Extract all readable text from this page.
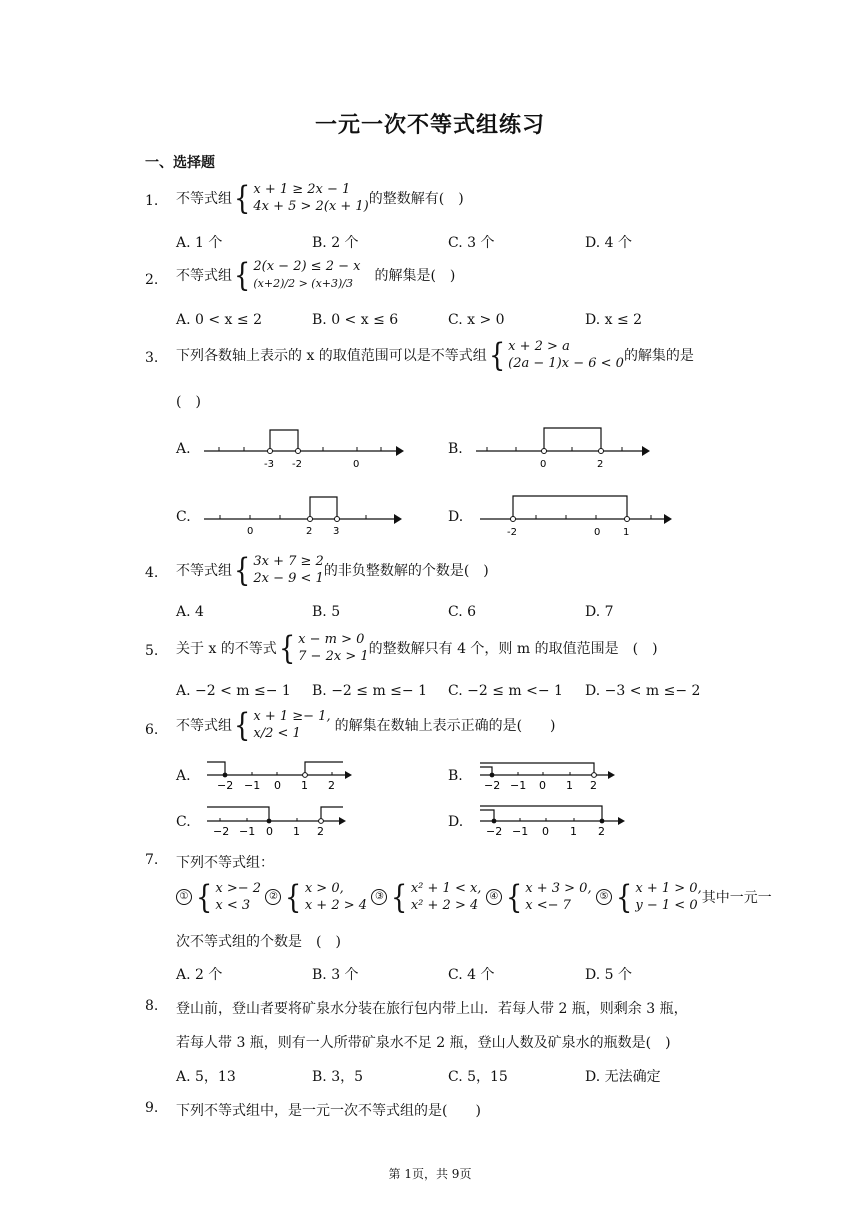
一元一次不等式组练习
一、选择题
1. 不等式组 { x + 1 ≥ 2x − 1
4x + 5 > 2(x + 1) 的整数解有(　)
A. 1 个	B. 2 个	C. 3 个	D. 4 个
2. 不等式组 { 2(x − 2) ≤ 2 − x
(x+2)/2 > (x+3)/3	的解集是(　)
A. 0 < x ≤ 2	B. 0 < x ≤ 6	C. x > 0	D. x ≤ 2
3. 下列各数轴上表示的 x 的取值范围可以是不等式组 { x + 2 > a
(2a − 1)x − 6 < 0 的解集的是
(　)
A.	B.
C.	D.
-3 -2	0	0	2
0	2 3	-2	0 1
4. 不等式组 { 3x + 7 ≥ 2
2x − 9 < 1 的非负整数解的个数是(　)
A. 4	B. 5	C. 6	D. 7
5. 关于 x 的不等式 { x − m > 0
7 − 2x > 1 的整数解只有 4 个，则 m 的取值范围是　(　)
A. −2 < m ≤− 1 B. −2 ≤ m ≤− 1 C. −2 ≤ m <− 1 D. −3 < m ≤− 2
6. 不等式组 { x + 1 ≥− 1,
x/2 < 1	的解集在数轴上表示正确的是(　　)
A.	B.
C.	D.
−2 −1 0 1 2	−2 −1 0 1 2
−2 −1 0 1 2	−2 −1 0 1 2
7. 下列不等式组：
① { x >− 2
x < 3
② { x > 0,
x + 2 > 4
③ { x² + 1 < x,
x² + 2 > 4
④ { x + 3 > 0,
x <− 7
⑤ { x + 1 > 0,
y − 1 < 0 其中一元一
次不等式组的个数是　(　)
A. 2 个	B. 3 个	C. 4 个	D. 5 个
8. 登山前，登山者要将矿泉水分装在旅行包内带上山．若每人带 2 瓶，则剩余 3 瓶，
若每人带 3 瓶，则有一人所带矿泉水不足 2 瓶，登山人数及矿泉水的瓶数是(　)
A. 5，13	B. 3，5	C. 5，15	D. 无法确定
9. 下列不等式组中，是一元一次不等式组的是(　　)
第 1页，共 9页
